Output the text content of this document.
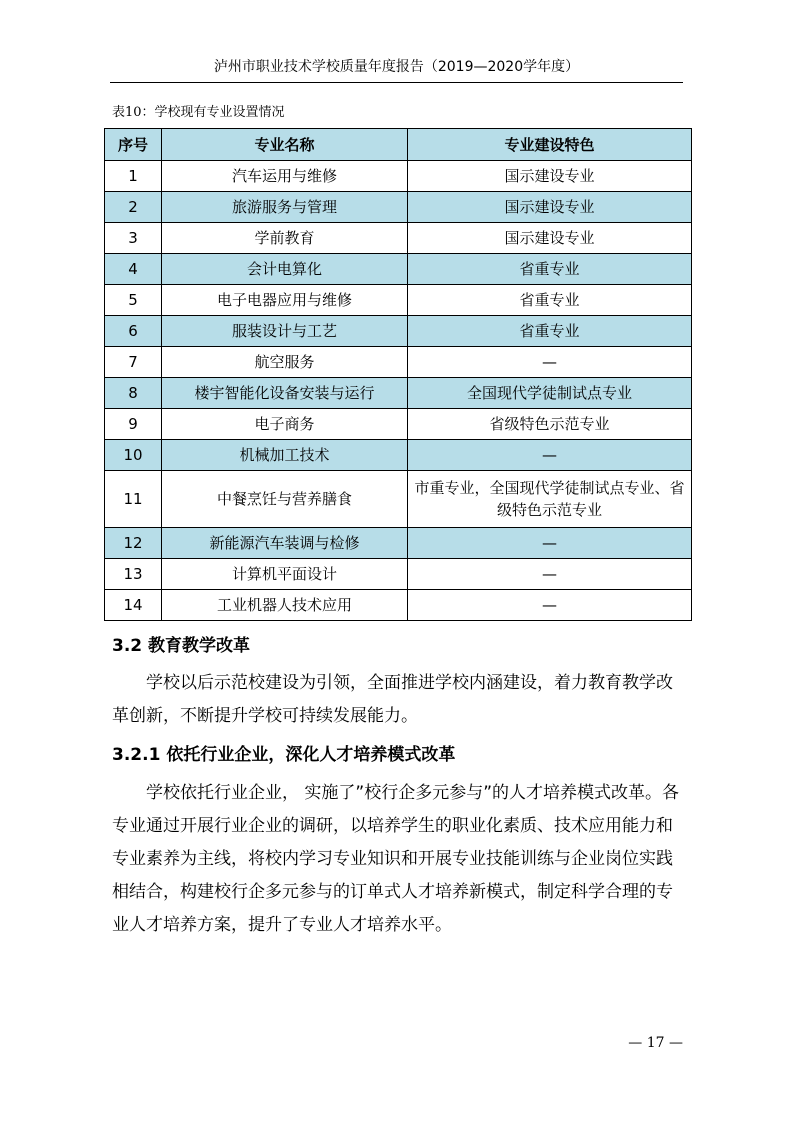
泸州市职业技术学校质量年度报告（2019—2020学年度）
表10：学校现有专业设置情况
序号	专业名称	专业建设特色
1	汽车运用与维修	国示建设专业
2	旅游服务与管理	国示建设专业
3	学前教育	国示建设专业
4	会计电算化	省重专业
5	电子电器应用与维修	省重专业
6	服装设计与工艺	省重专业
7	航空服务	—
8	楼宇智能化设备安装与运行	全国现代学徒制试点专业
9	电子商务	省级特色示范专业
10	机械加工技术	—
11	中餐烹饪与营养膳食	市重专业，全国现代学徒制试点专业、省级特色示范专业
12	新能源汽车装调与检修	—
13	计算机平面设计	—
14	工业机器人技术应用	—
3.2 教育教学改革

学校以后示范校建设为引领，全面推进学校内涵建设，着力教育教学改革创新，不断提升学校可持续发展能力。

3.2.1 依托行业企业，深化人才培养模式改革

学校依托行业企业， 实施了”校行企多元参与”的人才培养模式改革。各专业通过开展行业企业的调研，以培养学生的职业化素质、技术应用能力和专业素养为主线，将校内学习专业知识和开展专业技能训练与企业岗位实践相结合，构建校行企多元参与的订单式人才培养新模式，制定科学合理的专业人才培养方案，提升了专业人才培养水平。

— 17 —
